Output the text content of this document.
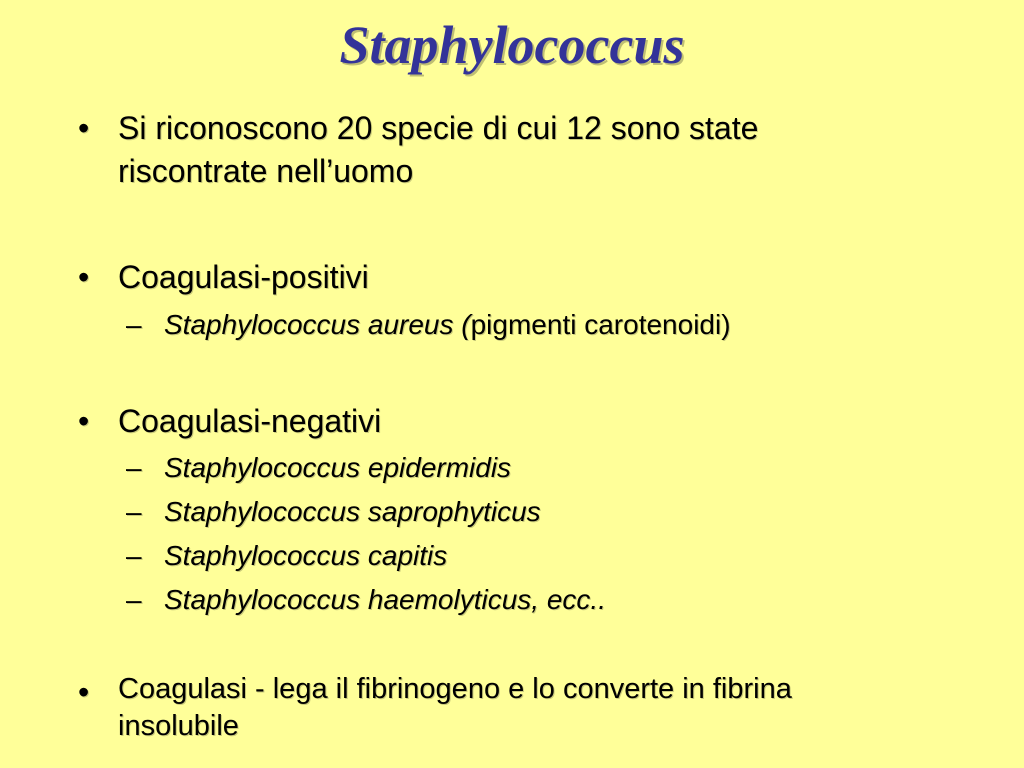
Staphylococcus
• Si riconoscono 20 specie di cui 12 sono state
riscontrate nell’uomo
• Coagulasi-positivi
– Staphylococcus aureus (pigmenti carotenoidi)
• Coagulasi-negativi
– Staphylococcus epidermidis
– Staphylococcus saprophyticus
– Staphylococcus capitis
– Staphylococcus haemolyticus, ecc..
• Coagulasi - lega il fibrinogeno e lo converte in fibrina
insolubile
